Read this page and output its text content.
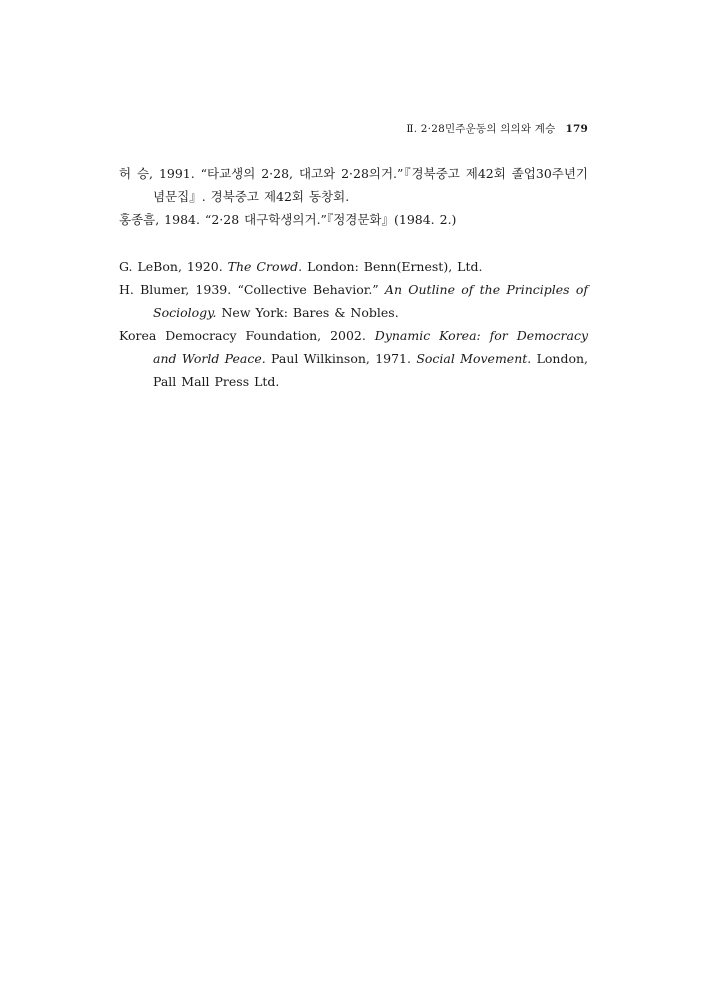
Ⅱ. 2·28민주운동의 의의와 계승 179
허 승, 1991. “타교생의 2·28, 대고와 2·28의거.”『경북중고 제42회 졸업30주년기념문집』. 경북중고 제42회 동창회.
홍종흠, 1984. “2·28 대구학생의거.”『정경문화』(1984. 2.)
G. LeBon, 1920. The Crowd. London: Benn(Ernest), Ltd.
H. Blumer, 1939. “Collective Behavior.” An Outline of the Principles of Sociology. New York: Bares & Nobles.
Korea Democracy Foundation, 2002. Dynamic Korea: for Democracy and World Peace. Paul Wilkinson, 1971. Social Movement. London, Pall Mall Press Ltd.
